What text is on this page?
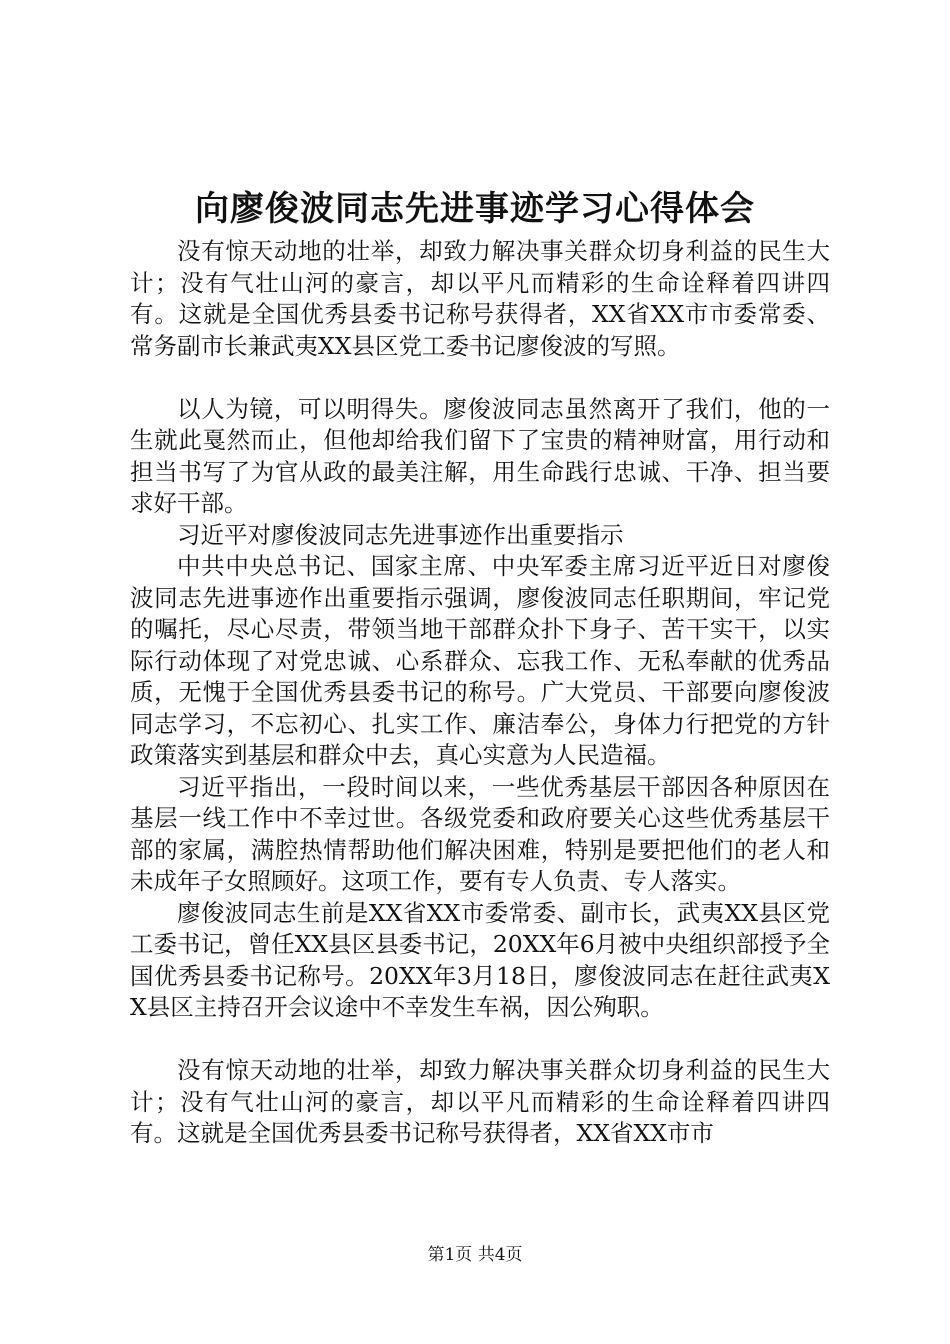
向廖俊波同志先进事迹学习心得体会

没有惊天动地的壮举，却致力解决事关群众切身利益的民生大计；没有气壮山河的豪言，却以平凡而精彩的生命诠释着四讲四有。这就是全国优秀县委书记称号获得者，XX省XX市市委常委、常务副市长兼武夷XX县区党工委书记廖俊波的写照。

以人为镜，可以明得失。廖俊波同志虽然离开了我们，他的一生就此戛然而止，但他却给我们留下了宝贵的精神财富，用行动和担当书写了为官从政的最美注解，用生命践行忠诚、干净、担当要求好干部。

习近平对廖俊波同志先进事迹作出重要指示

中共中央总书记、国家主席、中央军委主席习近平近日对廖俊波同志先进事迹作出重要指示强调，廖俊波同志任职期间，牢记党的嘱托，尽心尽责，带领当地干部群众扑下身子、苦干实干，以实际行动体现了对党忠诚、心系群众、忘我工作、无私奉献的优秀品质，无愧于全国优秀县委书记的称号。广大党员、干部要向廖俊波同志学习，不忘初心、扎实工作、廉洁奉公，身体力行把党的方针政策落实到基层和群众中去，真心实意为人民造福。

习近平指出，一段时间以来，一些优秀基层干部因各种原因在基层一线工作中不幸过世。各级党委和政府要关心这些优秀基层干部的家属，满腔热情帮助他们解决困难，特别是要把他们的老人和未成年子女照顾好。这项工作，要有专人负责、专人落实。

廖俊波同志生前是XX省XX市委常委、副市长，武夷XX县区党工委书记，曾任XX县区县委书记，20XX年6月被中央组织部授予全国优秀县委书记称号。20XX年3月18日，廖俊波同志在赶往武夷XX县区主持召开会议途中不幸发生车祸，因公殉职。

没有惊天动地的壮举，却致力解决事关群众切身利益的民生大计；没有气壮山河的豪言，却以平凡而精彩的生命诠释着四讲四有。这就是全国优秀县委书记称号获得者，XX省XX市市

第1页 共4页
